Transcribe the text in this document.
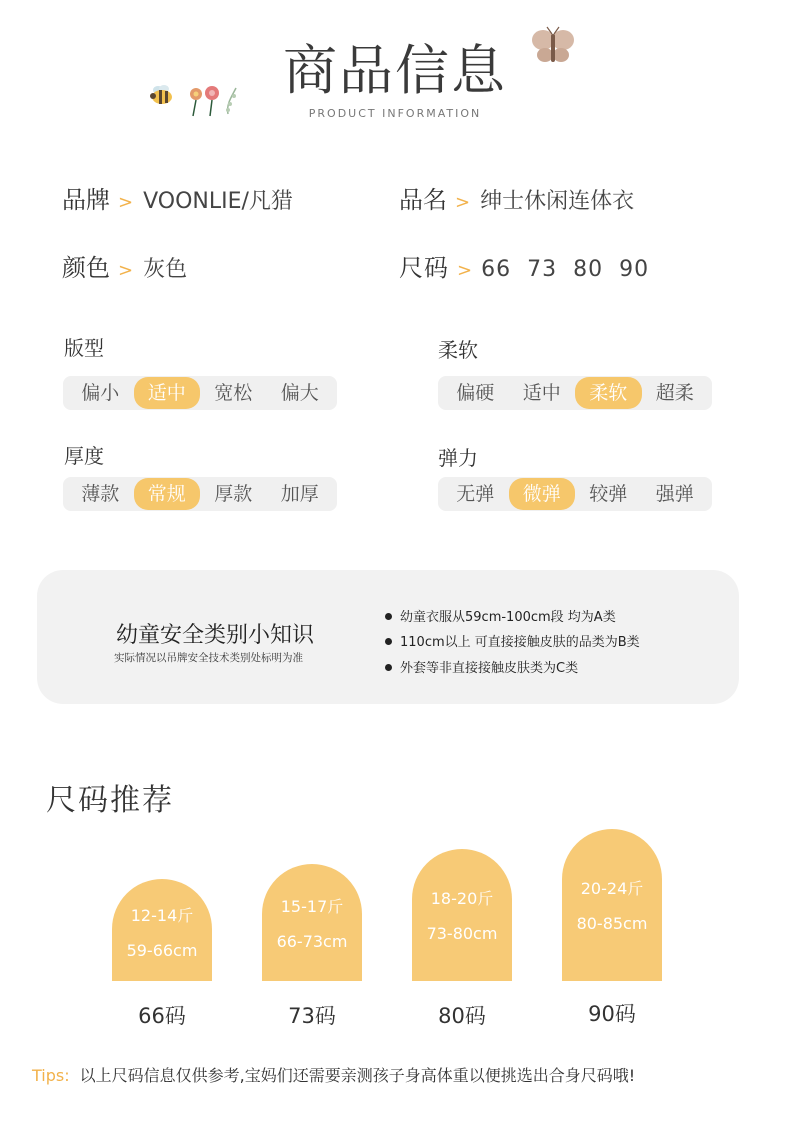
商品信息
PRODUCT INFORMATION
品牌 > VOONLIE/凡猎	品名 > 绅士休闲连体衣
颜色 > 灰色	尺码 > 66 73 80 90
版型
偏小	适中	宽松	偏大
柔软
偏硬	适中	柔软	超柔
厚度
薄款	常规	厚款	加厚
弹力
无弹	微弹	较弹	强弹
幼童安全类别小知识
实际情况以吊牌安全技术类别处标明为准
幼童衣服从59cm-100cm段 均为A类
110cm以上 可直接接触皮肤的品类为B类
外套等非直接接触皮肤类为C类
尺码推荐
12-14斤
59-66cm
66码
15-17斤
66-73cm
73码
18-20斤
73-80cm
80码
20-24斤
80-85cm
90码
Tips: 以上尺码信息仅供参考,宝妈们还需要亲测孩子身高体重以便挑选出合身尺码哦!
